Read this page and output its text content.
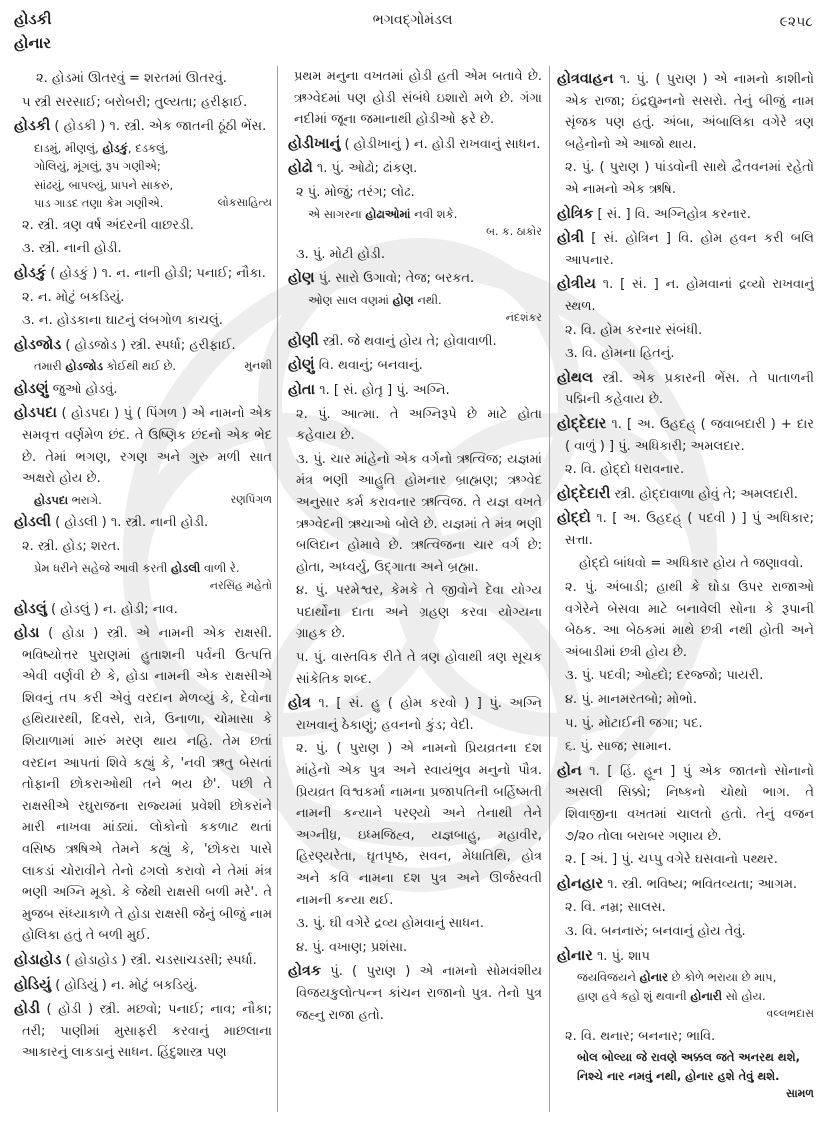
હોડકી
હોનાર
ભગવદ્ગોમંડલ	૯૨૫૮

૨. હોડમાં ઊતરવું = શરતમાં ઊતરવું.

૫ સ્ત્રી સરસાઈ; બરોબરી; તુલ્યતા; હરીફાઈ.

હોડકી ( હોડકી ) ૧. સ્ત્રી. એક જાતની ઠૂંઠી ભેંસ.

દાડમું, મીણલું, હોડકું, દડકલું,
ગોલિયું, મૂંગલું, રૂપ ગણીએ;
સાંઢયું, બાપલ્યું, પ્રાપને સાકરું,
લોકસાહિત્ય
પાડ ગાડદ તણા કેમ ગણીએ.

૨. સ્ત્રી. ત્રણ વર્ષ અંદરની વાછરડી.

૩. સ્ત્રી. નાની હોડી.

હોડકું ( હોડકું ) ૧. ન. નાની હોડી; પનાઈ; નૌકા.

૨. ન. મોટું બકડિયું.

૩. ન. હોડકાના ઘાટનું લંબગોળ કાચલું.

હોડજોડ ( હોડજોડ ) સ્ત્રી. સ્પર્ધા; હરીફાઈ.

મુનશી
તમારી હોડજોડ કોઈથી થઈ છે.

હોડણું જુઓ હોડવું.

હોડપદા ( હોડપદા ) પું ( પિંગળ ) એ નામનો એક સમવૃત્ત વર્ણમેળ છંદ. તે ઉષ્ણિક છંદનો એક ભેદ છે. તેમાં ભગણ, રગણ અને ગુરુ મળી સાત અક્ષરો હોય છે.

રણપિંગળ
હોડપદા ભરાગે.

હોડલી ( હોડલી ) ૧. સ્ત્રી. નાની હોડી.

૨. સ્ત્રી. હોડ; શરત.

પ્રેમ ધરીને સહેજે આવી કરતી હોડલી વાળી રે.
નરસિંહ મહેતો

હોડલું ( હોડલું ) ન. હોડી; નાવ.

હોડા ( હોડા ) સ્ત્રી. એ નામની એક રાક્ષસી. ભવિષ્યોત્તર પુરાણમાં હુતાશની પર્વની ઉત્પત્તિ એવી વર્ણવી છે કે, હોડા નામની એક રાક્ષસીએ શિવનું તપ કરી એવું વરદાન મેળવ્યું કે, દેવોના હથિયારથી, દિવસે, રાત્રે, ઉનાળા, ચોમાસા કે શિયાળામાં મારું મરણ થાય નહિ. તેમ છતાં વરદાન આપતાં શિવે કહ્યું કે, 'નવી ઋતુ બેસતાં તોફાની છોકરાઓથી તને ભય છે'. પછી તે રાક્ષસીએ રઘુરાજના રાજ્યમાં પ્રવેશી છોકરાંને મારી નાખવા માંડ્યાં. લોકોનો કકળાટ થતાં વસિષ્ઠ ઋષિએ તેમને કહ્યું કે, 'છોકરા પાસે લાકડાં ચોરાવીને તેનો ઢગલો કરાવો ને તેમાં મંત્ર ભણી અગ્નિ મૂકો. કે જેથી રાક્ષસી બળી મરે'. તે મુજબ સંધ્યાકાળે તે હોડા રાક્ષસી જેનું બીજું નામ હોલિકા હતું તે બળી મુઈ.

હોડાહોડ ( હોડાહોડ ) સ્ત્રી. ચડસાચડસી; સ્પર્ધા.

હોડિયું ( હોડિયું ) ન. મોટું બકડિયું.

હોડી ( હોડી ) સ્ત્રી. મછવો; પનાઈ; નાવ; નૌકા; તરી; પાણીમાં મુસાફરી કરવાનું માછલાના આકારનું લાકડાનું સાધન. હિંદુશાસ્ત્ર પણ

પ્રથમ મનુના વખતમાં હોડી હતી એમ બતાવે છે. ઋગ્વેદમાં પણ હોડી સંબંધે ઇશારો મળે છે. ગંગા નદીમાં જૂના જમાનાથી હોડીઓ ફરે છે.

હોડીખાનું ( હોડીખાનું ) ન. હોડી રાખવાનું સાધન.

હોઢો ૧. પું. ઓઢો; ઢાંકણ.

૨ પું. મોજું; તરંગ; લોઢ.

એ સાગરના હોઢાઓમાં નવી શકે.
બ. ક. ઠાકોર

૩. પું. મોટી હોડી.

હોણ પું. સારો ઉગાવો; તેજ; બરકત.

ઓણ સાલ વણમાં હોણ નથી.
નંદશંકર

હોણી સ્ત્રી. જે થવાનું હોય તે; હોવાવાળી.

હોણું વિ. થવાનું; બનવાનું.

હોતા ૧. [ સં. હોતૃ ] પું. અગ્નિ.

૨. પું. આત્મા. તે અગ્નિરૂપે છે માટે હોતા કહેવાય છે.

૩. પું. ચાર માંહેનો એક વર્ગનો ઋત્વિજ; યજ્ઞમાં મંત્ર ભણી આહુતિ હોમનાર બ્રાહ્મણ; ઋગ્વેદ અનુસાર કર્મ કરાવનાર ઋત્વિજ. તે યજ્ઞ વખતે ઋગ્વેદની ઋચાઓ બોલે છે. યજ્ઞમાં તે મંત્ર ભણી બલિદાન હોમાવે છે. ઋત્વિજના ચાર વર્ગ છે: હોતા, અધ્વર્યુ, ઉદ્ગાતા અને બ્રહ્મા.

૪. પું. પરમેશ્વર, કેમકે તે જીવોને દેવા યોગ્ય પદાર્થોના દાતા અને ગ્રહણ કરવા યોગ્યના ગ્રાહક છે.

૫. પું. વાસ્તવિક રીતે તે ત્રણ હોવાથી ત્રણ સૂચક સાંકેતિક શબ્દ.

હોત્ર ૧. [ સં. હુ ( હોમ કરવો ) ] પું. અગ્નિ રાખવાનું ઠેકાણું; હવનનો કુંડ; વેદી.

૨. પું. ( પુરાણ ) એ નામનો પ્રિયવ્રતના દશ માંહેનો એક પુત્ર અને સ્વાયંભુવ મનુનો પૌત્ર. પ્રિયવ્રત વિશ્વકર્મા નામના પ્રજાપતિની બર્હિષ્મતી નામની કન્યાને પરણ્યો અને તેનાથી તેને અગ્નીધ્ર, ઇધ્મજિહ્વ, યજ્ઞબાહુ, મહાવીર, હિરણ્યરેતા, ઘૃતપૃષ્ઠ, સવન, મેધાતિથિ, હોત્ર અને કવિ નામના દશ પુત્ર અને ઊર્જસ્વતી નામની કન્યા થઈ.

૩. પું. ઘી વગેરે દ્રવ્ય હોમવાનું સાધન.

૪. પું. વખાણ; પ્રશંસા.

હોત્રક પું. ( પુરાણ ) એ નામનો સોમવંશીય વિજયકુલોત્પન્ન કાંચન રાજાનો પુત્ર. તેનો પુત્ર જહ્નુ રાજા હતો.

હોત્રવાહન ૧. પું. ( પુરાણ ) એ નામનો કાશીનો એક રાજા; ઇંદ્રદ્યુમ્નનો સસરો. તેનું બીજું નામ સૃંજક પણ હતું. અંબા, અંબાલિકા વગેરે ત્રણ બહેનોનો એ આજો થાય.

૨. પું. ( પુરાણ ) પાંડવોની સાથે દ્વૈતવનમાં રહેતો એ નામનો એક ઋષિ.

હોત્રિક [ સં. ] વિ. અગ્નિહોત્ર કરનાર.

હોત્રી [ સં. હોત્રિન ] વિ. હોમ હવન કરી બલિ આપનાર.

હોત્રીય ૧. [ સં. ] ન. હોમવાનાં દ્રવ્યો રાખવાનું સ્થળ.

૨. વિ. હોમ કરનાર સંબંધી.

૩. વિ. હોમના હિતનું.

હોથલ સ્ત્રી. એક પ્રકારની ભેંસ. તે પાતાળની પદ્મિની કહેવાય છે.

હોદ્દેદાર ૧. [ અ. ઉહદહ્ ( જવાબદારી ) + દાર ( વાળું ) ] પું. અધિકારી; અમલદાર.

૨. વિ. હોદ્દો ધરાવનાર.

હોદ્દેદારી સ્ત્રી. હોદ્દાવાળા હોવું તે; અમલદારી.

હોદ્દો ૧. [ અ. ઉહદહ્ ( પદવી ) ] પું અધિકાર; સત્તા.

હોદ્દો બાંધવો = અધિકાર હોય તે જણાવવો.

૨. પું. અંબાડી; હાથી કે ઘોડા ઉપર રાજાઓ વગેરેને બેસવા માટે બનાવેલી સોના કે રૂપાની બેઠક. આ બેઠકમાં માથે છત્રી નથી હોતી અને અંબાડીમાં છત્રી હોય છે.

૩. પું. પદવી; ઓહ્દો; દરજ્જો; પાયરી.

૪. પું. માનમરતબો; મોભો.

૫. પું. મોટાઈની જગા; પદ.

૬. પું. સાજ; સામાન.

હોન ૧. [ હિં. હૂન ] પું એક જાતનો સોનાનો અસલી સિક્કો; નિષ્કનો ચોથો ભાગ. તે શિવાજીના વખતમાં ચાલતો હતો. તેનું વજન ૭/૨૦ તોલા બરાબર ગણાય છે.

૨. [ અં. ] પું. ચપ્પુ વગેરે ઘસવાનો પથ્થર.

હોનહાર ૧. સ્ત્રી. ભવિષ્ય; ભવિતવ્યતા; આગમ.

૨. વિ. નમ્ર; સાલસ.

૩. વિ. બનનારું; બનવાનું હોય તેવું.

હોનાર ૧. પું. શાપ

જયવિજયને હોનાર છે કોળે ભરાયા છે માપ,
હાણ હવે કહો શું થવાની હોનારી સો હોય.
વલ્લભદાસ

૨. વિ. થનાર; બનનાર; ભાવિ.

બોલ બોલ્યા જે રાવણે અક્કલ જતે અનરથ થશે,
નિશ્ચે નાર નમવું નથી, હોનાર હશે તેવું થશે.
સામળ
